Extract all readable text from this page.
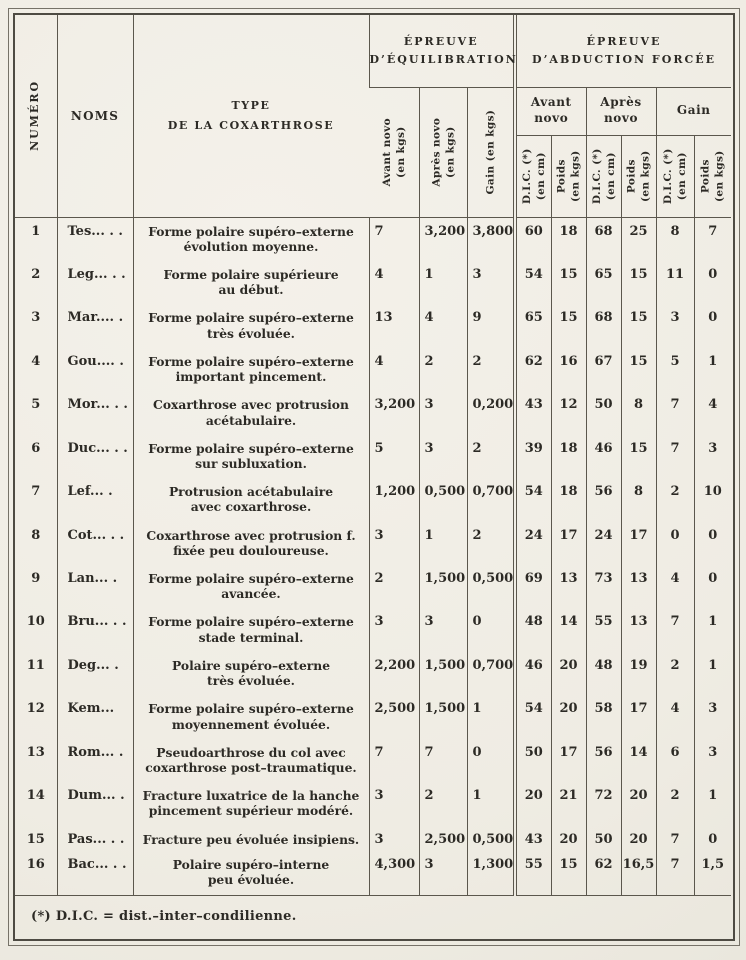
NUMÉRO	NOMS

TYPE
DE LA COXARTHROSE

ÉPREUVE
D’ÉQUILIBRATION

ÉPREUVE
D’ABDUCTION FORCÉE

Avant novo (en kgs)	Après novo (en kgs)	Gain (en kgs)

Avant
novo

Après
novo

Gain

D.I.C. (*) (en cm)	Poids (en kgs)	D.I.C. (*) (en cm)	Poids (en kgs)	D.I.C. (*) (en cm)	Poids (en kgs)

1	Tes... . .	Forme polaire supéro–externe
évolution moyenne.	7	3,200	3,800	60	18	68	25	8	7
2	Leg... . .	Forme polaire supérieure
au début.	4	1	3	54	15	65	15	11	0
3	Mar.... .	Forme polaire supéro–externe
très évoluée.	13	4	9	65	15	68	15	3	0
4	Gou.... .	Forme polaire supéro–externe
important pincement.	4	2	2	62	16	67	15	5	1
5	Mor... . .	Coxarthrose avec protrusion
acétabulaire.	3,200	3	0,200	43	12	50	8	7	4
6	Duc... . .	Forme polaire supéro–externe
sur subluxation.	5	3	2	39	18	46	15	7	3
7	Lef... .	Protrusion acétabulaire
avec coxarthrose.	1,200	0,500	0,700	54	18	56	8	2	10
8	Cot... . .	Coxarthrose avec protrusion f.
fixée peu douloureuse.	3	1	2	24	17	24	17	0	0
9	Lan... .	Forme polaire supéro–externe
avancée.	2	1,500	0,500	69	13	73	13	4	0
10	Bru... . .	Forme polaire supéro–externe
stade terminal.	3	3	0	48	14	55	13	7	1
11	Deg... .	Polaire supéro–externe
très évoluée.	2,200	1,500	0,700	46	20	48	19	2	1
12	Kem...	Forme polaire supéro–externe
moyennement évoluée.	2,500	1,500	1	54	20	58	17	4	3
13	Rom... .	Pseudoarthrose du col avec
coxarthrose post–traumatique.	7	7	0	50	17	56	14	6	3
14	Dum... .	Fracture luxatrice de la hanche
pincement supérieur modéré.	3	2	1	20	21	72	20	2	1
15	Pas... . .	Fracture peu évoluée insipiens.	3	2,500	0,500	43	20	50	20	7	0
16	Bac... . .	Polaire supéro–interne
peu évoluée.	4,300	3	1,300	55	15	62	16,5	7	1,5
(*) D.I.C. = dist.–inter–condilienne.											
